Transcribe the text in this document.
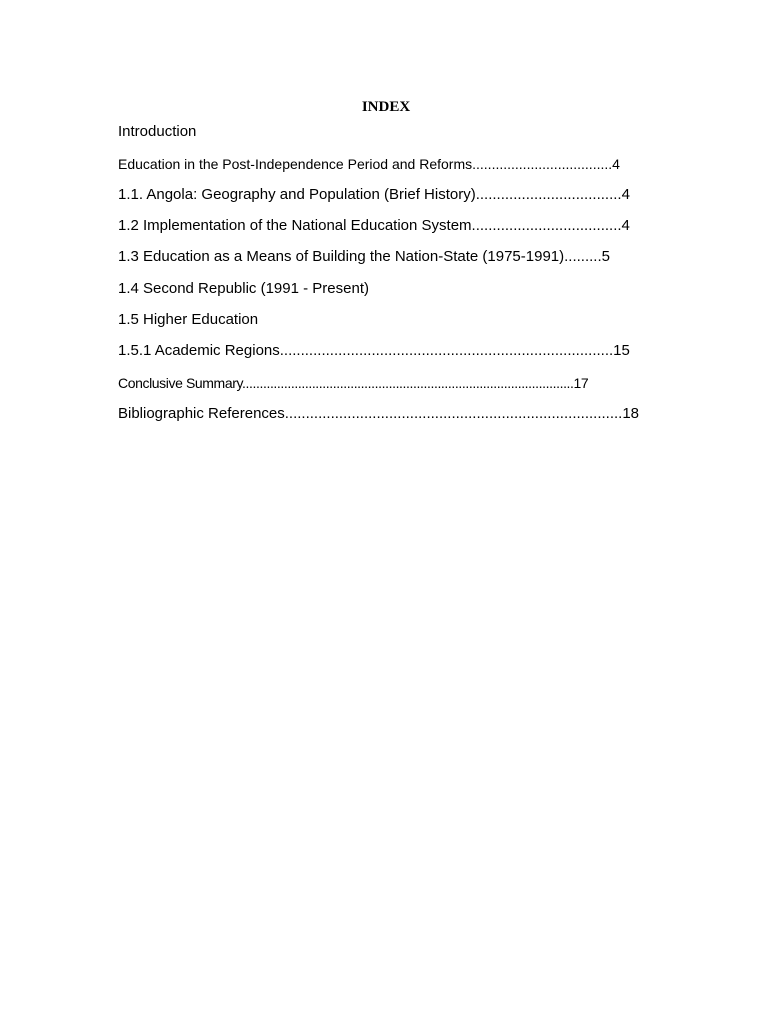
INDEX
Introduction
Education in the Post-Independence Period and Reforms....................................4
1.1. Angola: Geography and Population (Brief History)...................................4
1.2 Implementation of the National Education System....................................4
1.3 Education as a Means of Building the Nation-State (1975-1991).........5
1.4 Second Republic (1991 - Present)
1.5 Higher Education
1.5.1 Academic Regions................................................................................15
Conclusive Summary...............................................................................................17
Bibliographic References.................................................................................18
